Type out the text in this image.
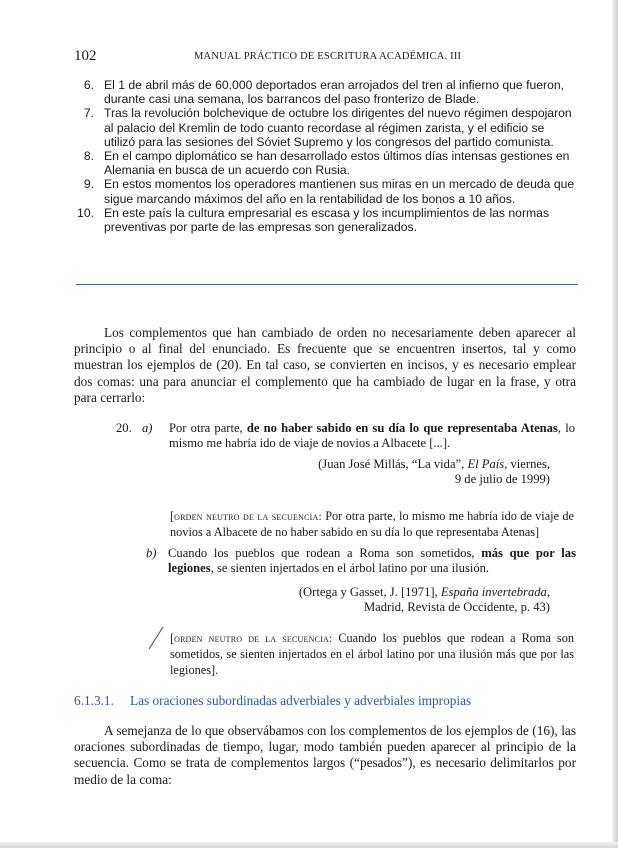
102	MANUAL PRÁCTICO DE ESCRITURA ACADÉMICA. III
6. El 1 de abril más de 60.000 deportados eran arrojados del tren al infierno que fueron, durante casi una semana, los barrancos del paso fronterizo de Blade.
7. Tras la revolución bolchevique de octubre los dirigentes del nuevo régimen despojaron al palacio del Kremlin de todo cuanto recordase al régimen zarista, y el edificio se utilizó para las sesiones del Sóviet Supremo y los congresos del partido comunista.
8. En el campo diplomático se han desarrollado estos últimos días intensas gestiones en Alemania en busca de un acuerdo con Rusia.
9. En estos momentos los operadores mantienen sus miras en un mercado de deuda que sigue marcando máximos del año en la rentabilidad de los bonos a 10 años.
10. En este país la cultura empresarial es escasa y los incumplimientos de las normas preventivas por parte de las empresas son generalizados.

Los complementos que han cambiado de orden no necesariamente deben aparecer al principio o al final del enunciado. Es frecuente que se encuentren insertos, tal y como muestran los ejemplos de (20). En tal caso, se convierten en incisos, y es necesario emplear dos comas: una para anunciar el complemento que ha cambiado de lugar en la frase, y otra para cerrarlo:

20. a) Por otra parte, de no haber sabido en su día lo que representaba Atenas, lo mismo me habría ido de viaje de novios a Albacete [...].
(Juan José Millás, “La vida”, El País, viernes,
9 de julio de 1999)
[orden neutro de la secuencia: Por otra parte, lo mismo me habría ido de viaje de novios a Albacete de no haber sabido en su día lo que representaba Atenas]
b) Cuando los pueblos que rodean a Roma son sometidos, más que por las legiones, se sienten injertados en el árbol latino por una ilusión.
(Ortega y Gasset, J. [1971], España invertebrada,
Madrid, Revista de Occidente, p. 43)
[orden neutro de la secuencia: Cuando los pueblos que rodean a Roma son sometidos, se sienten injertados en el árbol latino por una ilusión más que por las legiones].
6.1.3.1. Las oraciones subordinadas adverbiales y adverbiales impropias

A semejanza de lo que observábamos con los complementos de los ejemplos de (16), las oraciones subordinadas de tiempo, lugar, modo también pueden aparecer al principio de la secuencia. Como se trata de complementos largos (“pesados”), es necesario delimitarlos por medio de la coma:
